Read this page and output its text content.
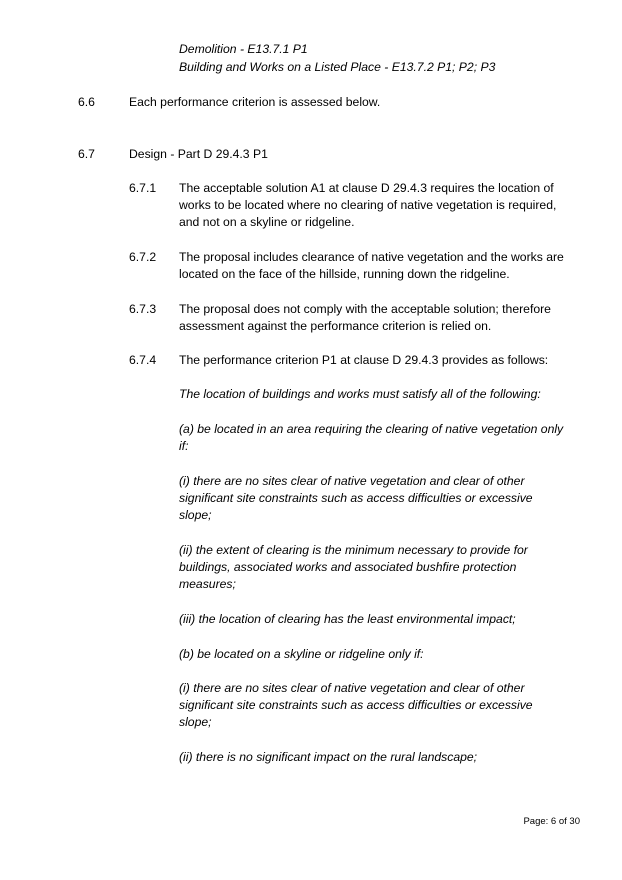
Demolition - E13.7.1 P1
Building and Works on a Listed Place - E13.7.2 P1; P2; P3
6.6	Each performance criterion is assessed below.
6.7	Design - Part D 29.4.3 P1
6.7.1 The acceptable solution A1 at clause D 29.4.3 requires the location of
works to be located where no clearing of native vegetation is required,
and not on a skyline or ridgeline.
6.7.2 The proposal includes clearance of native vegetation and the works are
located on the face of the hillside, running down the ridgeline.
6.7.3 The proposal does not comply with the acceptable solution; therefore
assessment against the performance criterion is relied on.
6.7.4 The performance criterion P1 at clause D 29.4.3 provides as follows:
The location of buildings and works must satisfy all of the following:
(a) be located in an area requiring the clearing of native vegetation only
if:
(i) there are no sites clear of native vegetation and clear of other
significant site constraints such as access difficulties or excessive
slope;
(ii) the extent of clearing is the minimum necessary to provide for
buildings, associated works and associated bushfire protection
measures;
(iii) the location of clearing has the least environmental impact;
(b) be located on a skyline or ridgeline only if:
(i) there are no sites clear of native vegetation and clear of other
significant site constraints such as access difficulties or excessive
slope;
(ii) there is no significant impact on the rural landscape;
Page: 6 of 30
